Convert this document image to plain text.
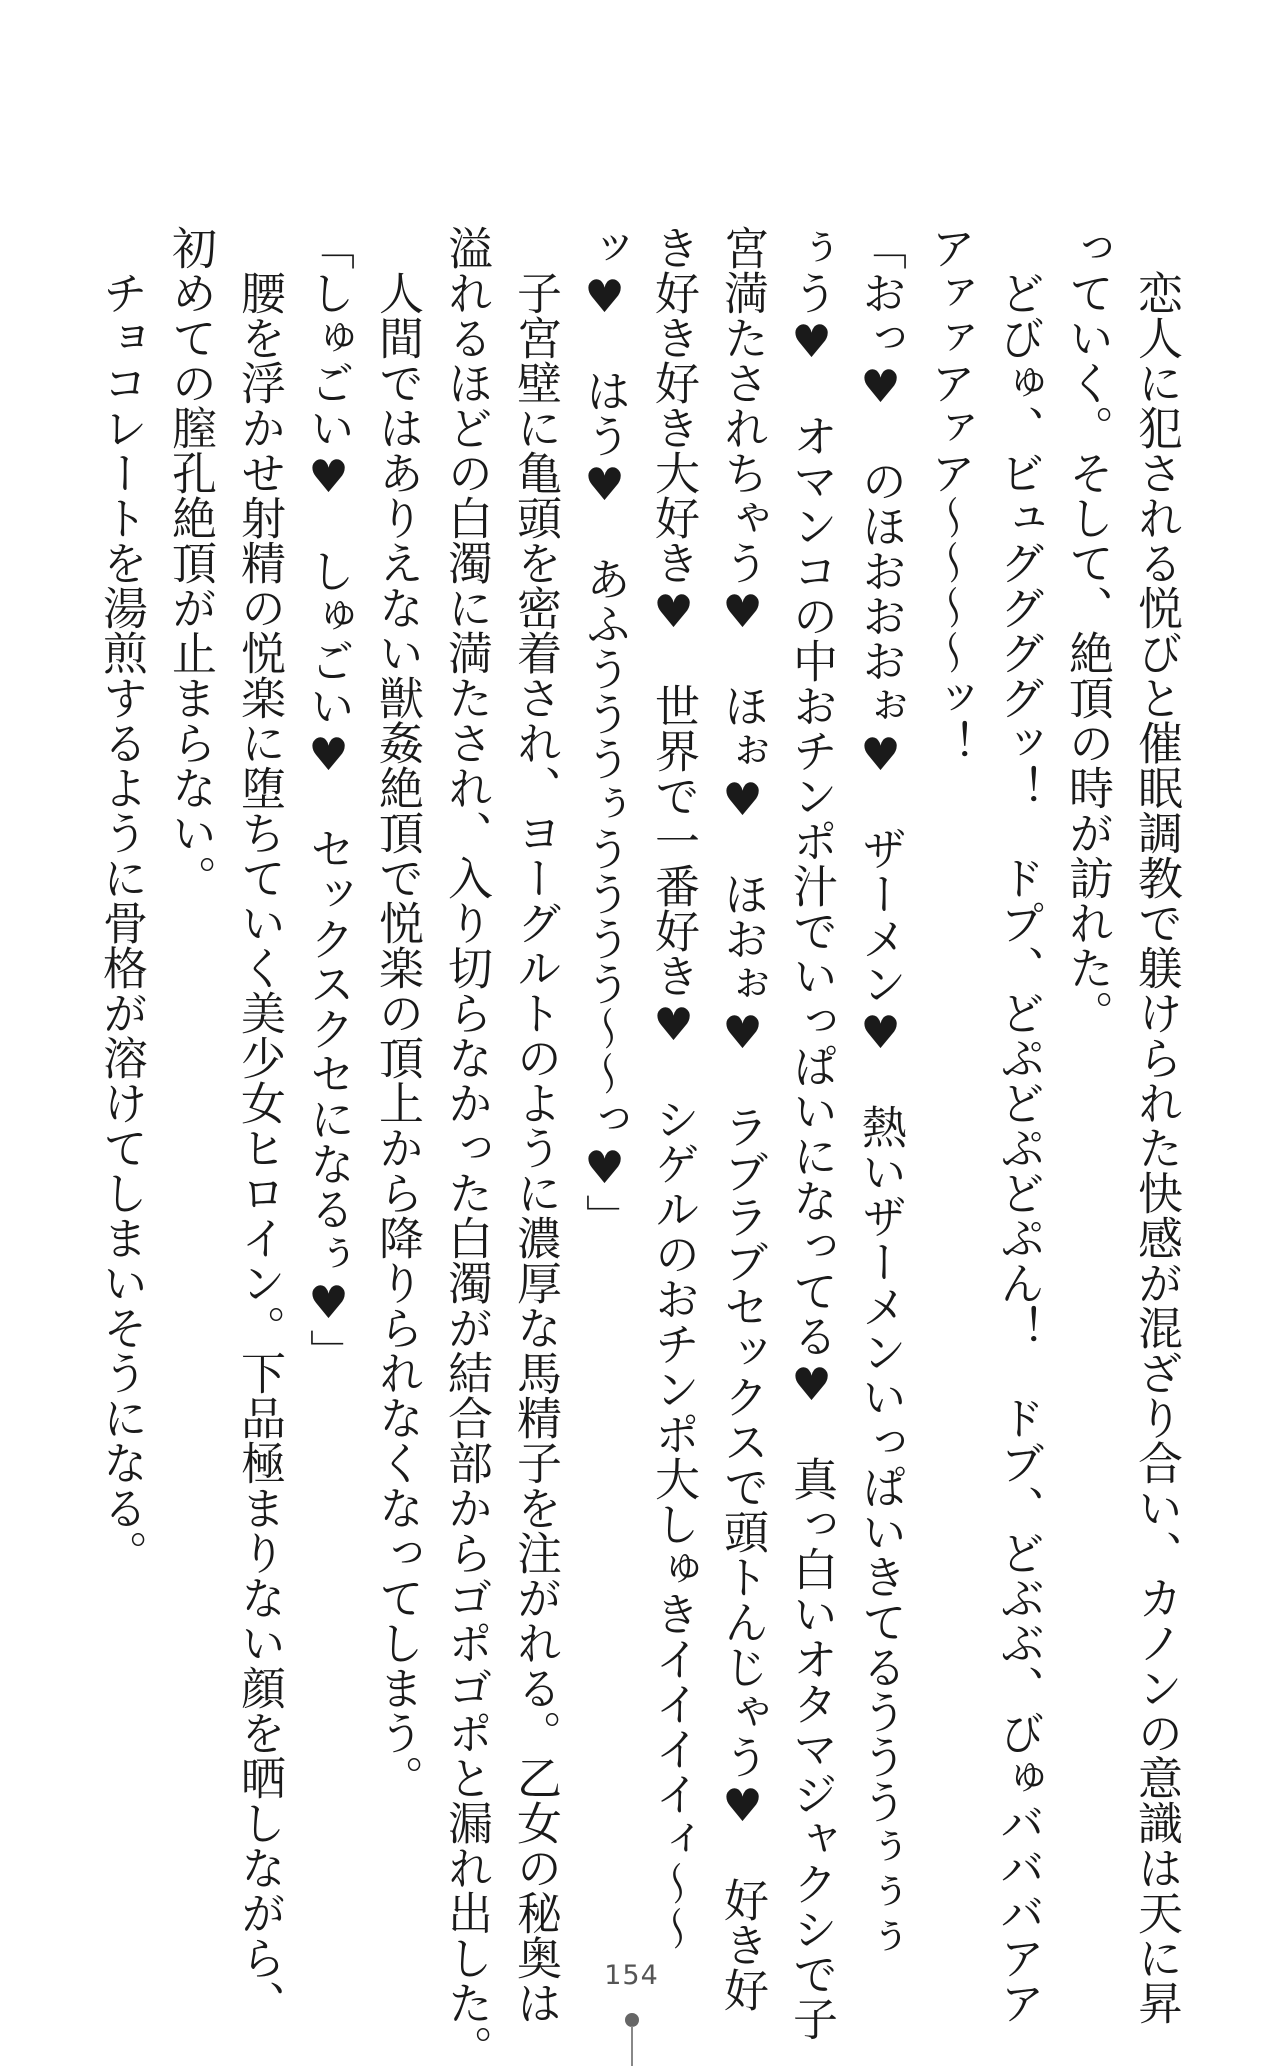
恋人に犯される悦びと催眠調教で躾けられた快感が混ざり合い、カノンの意識は天に昇
っていく。そして、絶頂の時が訪れた。
どびゅ、ビュググググッ！　ドプ、どぷどぷどぷん！　ドブ、どぶぶ、びゅバババアア
アァァアァア〜〜〜〜ッ！
「おっ♥　のほおおおぉ♥　ザーメン♥　熱いザーメンいっぱいきてるうううぅぅぅ
ぅう♥　オマンコの中おチンポ汁でいっぱいになってる♥　真っ白いオタマジャクシで子
宮満たされちゃう♥　ほぉ♥　ほおぉ♥　ラブラブセックスで頭トんじゃう♥　好き好
き好き好き大好き♥　世界で一番好き♥　シゲルのおチンポ大しゅきイイイイィ〜〜
ッ♥　はう♥　あふうううぅうううう〜〜っ♥」
子宮壁に亀頭を密着され、ヨーグルトのように濃厚な馬精子を注がれる。乙女の秘奥は
溢れるほどの白濁に満たされ、入り切らなかった白濁が結合部からゴポゴポと漏れ出した。
人間ではありえない獣姦絶頂で悦楽の頂上から降りられなくなってしまう。
「しゅごい♥　しゅごい♥　セックスクセになるぅ♥」
腰を浮かせ射精の悦楽に堕ちていく美少女ヒロイン。下品極まりない顔を晒しながら、
初めての膣孔絶頂が止まらない。
チョコレートを湯煎するように骨格が溶けてしまいそうになる。
154
